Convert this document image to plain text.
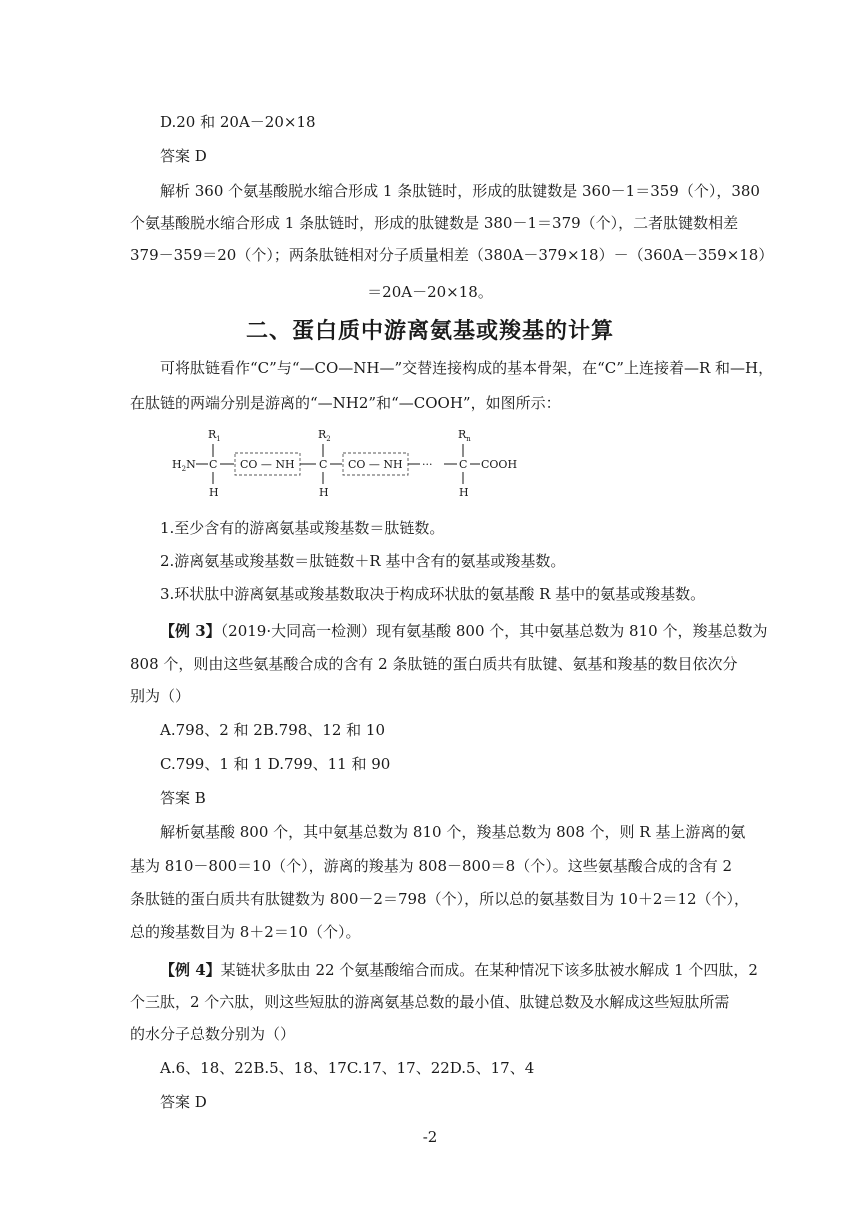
D.20 和 20A－20×18
答案 D
解析 360 个氨基酸脱水缩合形成 1 条肽链时，形成的肽键数是 360－1＝359（个），380
个氨基酸脱水缩合形成 1 条肽链时，形成的肽键数是 380－1＝379（个），二者肽键数相差
379－359＝20（个）；两条肽链相对分子质量相差（380A－379×18）－（360A－359×18）
＝20A－20×18。
二、蛋白质中游离氨基或羧基的计算
可将肽链看作“C”与“—CO—NH—”交替连接构成的基本骨架，在“C”上连接着—R 和—H，
在肽链的两端分别是游离的“—NH2”和“—COOH”，如图所示：
$R_1$	$R_2$	$R_n$
$H_2N$ C CO — NH C CO — NH ··· C COOH
H	H	H
1.至少含有的游离氨基或羧基数＝肽链数。
2.游离氨基或羧基数＝肽链数＋R 基中含有的氨基或羧基数。
3.环状肽中游离氨基或羧基数取决于构成环状肽的氨基酸 R 基中的氨基或羧基数。
【例 3】（2019·大同高一检测）现有氨基酸 800 个，其中氨基总数为 810 个，羧基总数为
808 个，则由这些氨基酸合成的含有 2 条肽链的蛋白质共有肽键、氨基和羧基的数目依次分
别为（）
A.798、2 和 2B.798、12 和 10
C.799、1 和 1 D.799、11 和 90
答案 B
解析氨基酸 800 个，其中氨基总数为 810 个，羧基总数为 808 个，则 R 基上游离的氨
基为 810－800＝10（个），游离的羧基为 808－800＝8（个）。这些氨基酸合成的含有 2
条肽链的蛋白质共有肽键数为 800－2＝798（个），所以总的氨基数目为 10＋2＝12（个），
总的羧基数目为 8＋2＝10（个）。
【例 4】某链状多肽由 22 个氨基酸缩合而成。在某种情况下该多肽被水解成 1 个四肽，2
个三肽，2 个六肽，则这些短肽的游离氨基总数的最小值、肽键总数及水解成这些短肽所需
的水分子总数分别为（）
A.6、18、22B.5、18、17C.17、17、22D.5、17、4
答案 D
-2
